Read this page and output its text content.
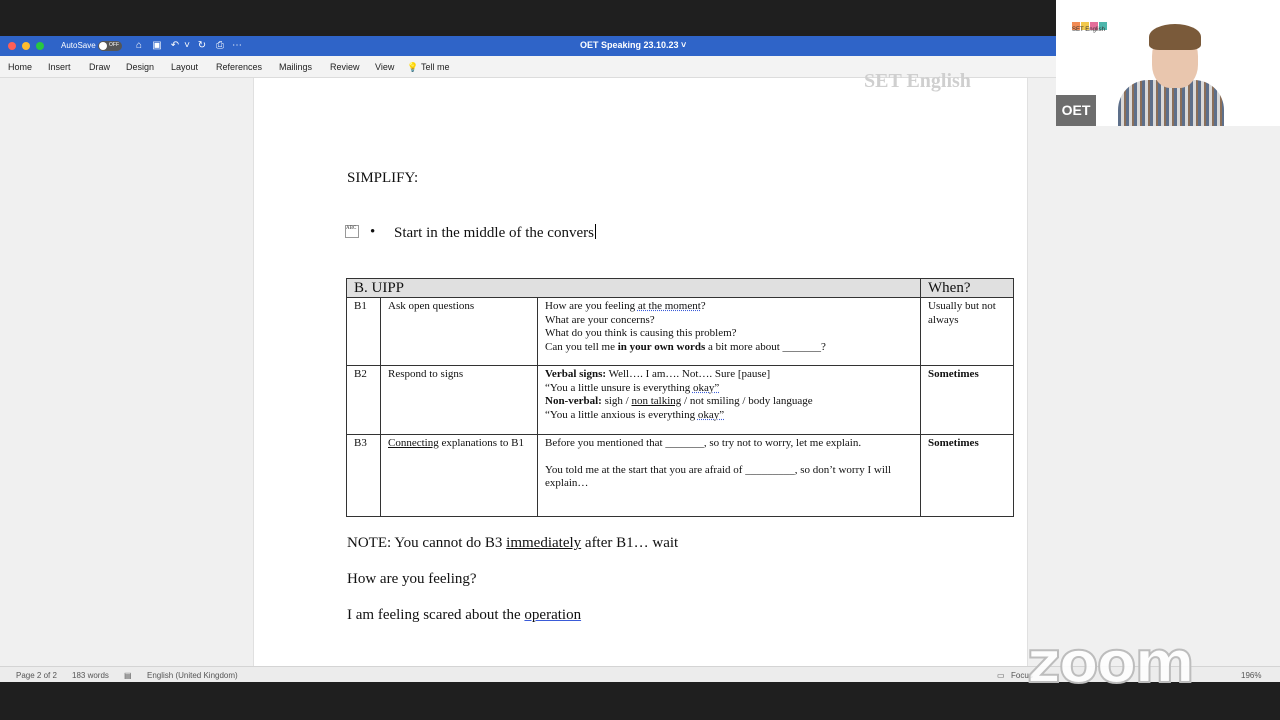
AutoSave	OFF	⌂	▣ ↶ ˅ ↻ ⎙ ⋯	OET Speaking 23.10.23 ˅
Home Insert Draw Design Layout References Mailings Review View 💡 Tell me
SET English
SIMPLIFY:
ABC • Start in the middle of the convers
B. UIPP			When?
B1	Ask open questions	How are you feeling at the moment?
What are your concerns?
What do you think is causing this problem?
Can you tell me in your own words a bit more about _______?	Usually but not always
B2	Respond to signs	Verbal signs: Well…. I am…. Not…. Sure [pause]
“You a little unsure is everything okay”
Non-verbal: sigh / non talking / not smiling / body language
“You a little anxious is everything okay”	Sometimes
B3	Connecting explanations to B1	Before you mentioned that _______, so try not to worry, let me explain.
You told me at the start that you are afraid of _________, so don’t worry I will explain…	Sometimes
NOTE: You cannot do B3 immediately after B1… wait
How are you feeling?
I am feeling scared about the operation
Page 2 of 2 183 words ▤ English (United Kingdom)	▭ Focus	196%
SET English
OET
zoom
